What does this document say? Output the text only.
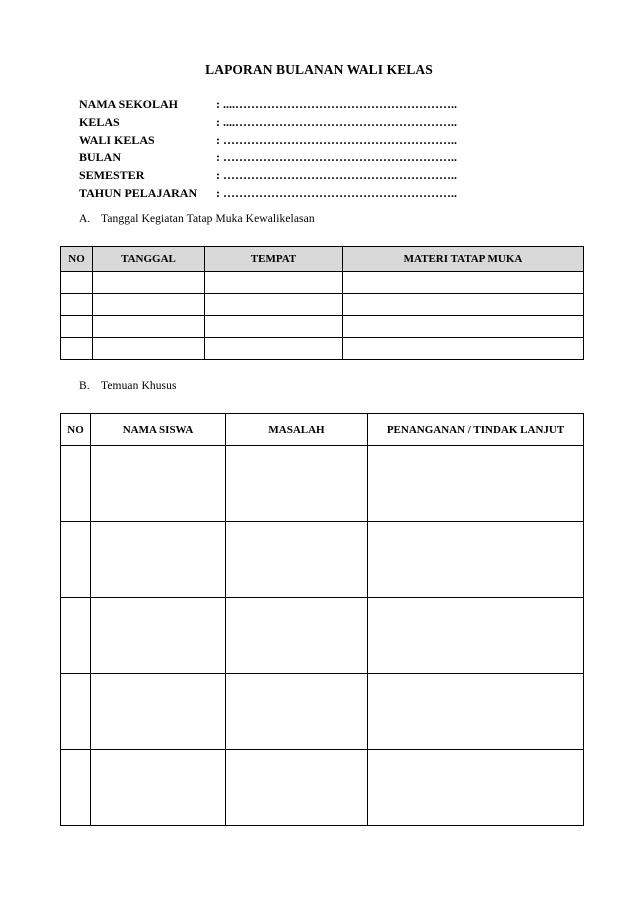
LAPORAN BULANAN WALI KELAS
NAMA SEKOLAH	: ....………………………………………………..
KELAS	: ....………………………………………………..
WALI KELAS	: …………………………………………………..
BULAN	: …………………………………………………..
SEMESTER	: …………………………………………………..
TAHUN PELAJARAN : …………………………………………………..
A. Tanggal Kegiatan Tatap Muka Kewalikelasan
NO	TANGGAL	TEMPAT	MATERI TATAP MUKA

B. Temuan Khusus
NO	NAMA SISWA	MASALAH	PENANGANAN / TINDAK LANJUT
